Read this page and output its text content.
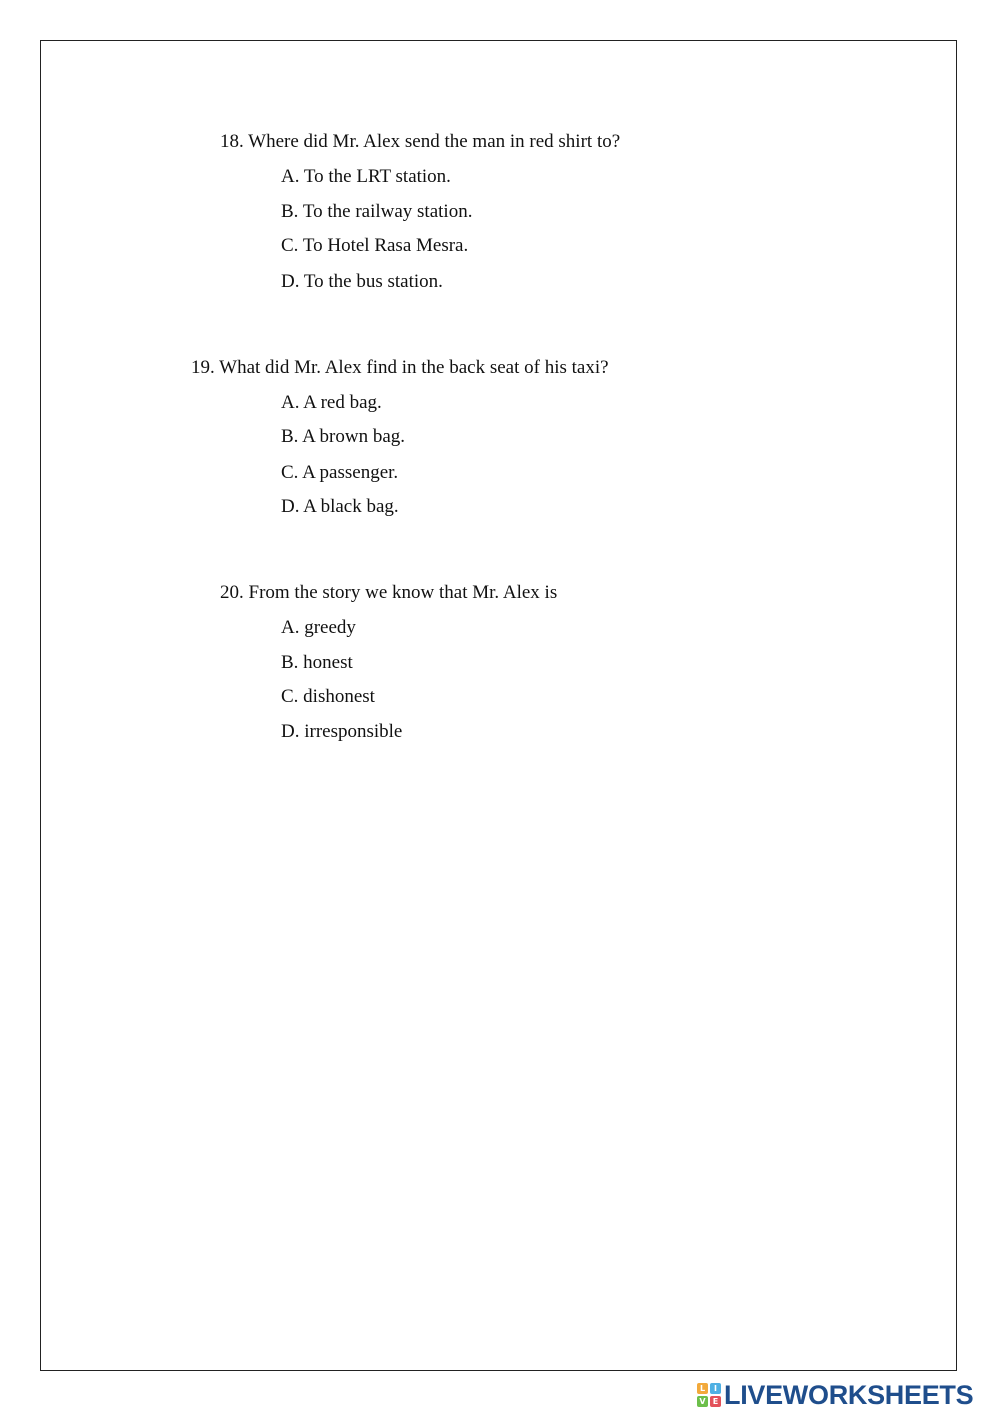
18. Where did Mr. Alex send the man in red shirt to?
A. To the LRT station.
B. To the railway station.
C. To Hotel Rasa Mesra.
D. To the bus station.
19. What did Mr. Alex find in the back seat of his taxi?
A. A red bag.
B. A brown bag.
C. A passenger.
D. A black bag.
20. From the story we know that Mr. Alex is
A. greedy
B. honest
C. dishonest
D. irresponsible
L	I
V E LIVEWORKSHEETS
